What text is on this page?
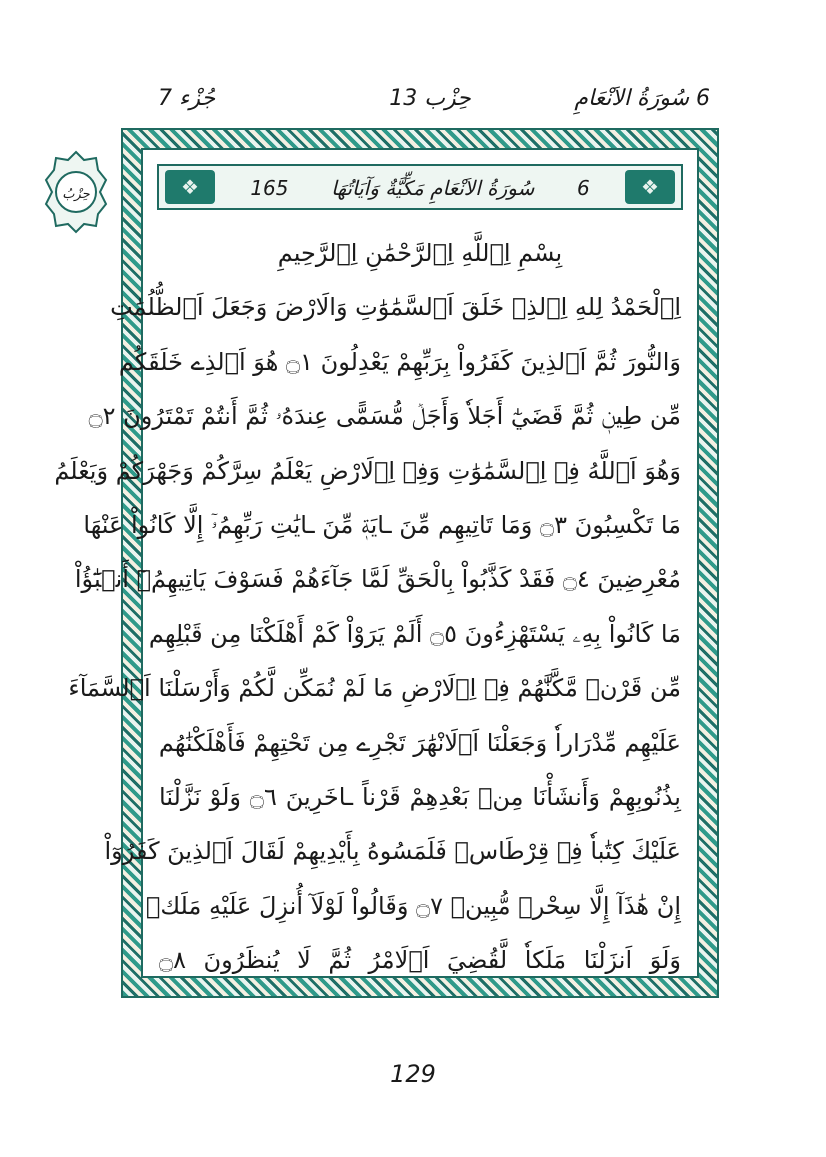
6 سُورَةُ الاَنْعَامِ
حِزْب 13
جُزْء 7
حِزْبُ	❖	6
سُورَةُ الاَنْعَامِ مَكِّيَّةٌ وَآيَاتُهَا
165	❖
بِسْمِ اِ۬للَّهِ اِ۬لرَّحْمَٰنِ اِ۬لرَّحِيمِ
اِ۬لْحَمْدُ لِلهِ اِ۬لذِے خَلَقَ اَ۬لسَّمَٰوَٰتِ وَالَارْضَ وَجَعَلَ اَ۬لظُّلُمَٰتِ
وَالنُّورَ ثُمَّ اَ۬لذِينَ كَفَرُواْ بِرَبِّهِمْ يَعْدِلُونَ ۝١ هُوَ اَ۬لذِے خَلَقَكُم
مِّن طِينٖ ثُمَّ قَضَيٰٓ أَجَلاٗ وَأَجَلٞ مُّسَمًّى عِندَهُۥ ثُمَّ أَنتُمْ تَمْتَرُونَ ۝٢
وَهُوَ اَ۬للَّهُ فِے اِ۬لسَّمَٰوَٰتِ وَفِے اِ۬لَارْضِ يَعْلَمُ سِرَّكُمْ وَجَهْرَكُمْ وَيَعْلَمُ
مَا تَكْسِبُونَ ۝٣ وَمَا تَاتِيهِم مِّنَ ـايَةٖ مِّنَ ـايَٰتِ رَبِّهِمُۥٓ إِلَّا كَانُواْ عَنْهَا
مُعْرِضِينَ ۝٤ فَقَدْ كَذَّبُواْ بِالْحَقِّ لَمَّا جَآءَهُمْ فَسَوْفَ يَاتِيهِمُۥٓ أَنۢبَٰٓؤُاْ
مَا كَانُواْ بِهِۦ يَسْتَهْزِءُونَ ۝٥ أَلَمْ يَرَوْاْ كَمْ أَهْلَكْنَا مِن قَبْلِهِم
مِّن قَرْنٖ مَّكَّنَّٰهُمْ فِے اِ۬لَارْضِ مَا لَمْ نُمَكِّن لَّكُمْ وَأَرْسَلْنَا اَ۬لسَّمَآءَ
عَلَيْهِم مِّدْرَاراٗ وَجَعَلْنَا اَ۬لَانْهَٰرَ تَجْرِے مِن تَحْتِهِمْ فَأَهْلَكْنَٰهُم
بِذُنُوبِهِمْ وَأَنشَأْنَا مِنۢ بَعْدِهِمْ قَرْناً ـاخَرِينَ ۝٦ وَلَوْ نَزَّلْنَا
عَلَيْكَ كِتَٰباٗ فِے قِرْطَاسٖ فَلَمَسُوهُ بِأَيْدِيهِمْ لَقَالَ اَ۬لذِينَ كَفَرُوٓاْ
إِنْ هَٰذَآ إِلَّا سِحْرٞ مُّبِينٞ ۝٧ وَقَالُواْ لَوْلَآ أُنزِلَ عَلَيْهِ مَلَكٞ
وَلَوَ اَنزَلْنَا مَلَكاٗ لَّقُضِيَ اَ۬لَامْرُ ثُمَّ لَا يُنظَرُونَ ۝٨
129
